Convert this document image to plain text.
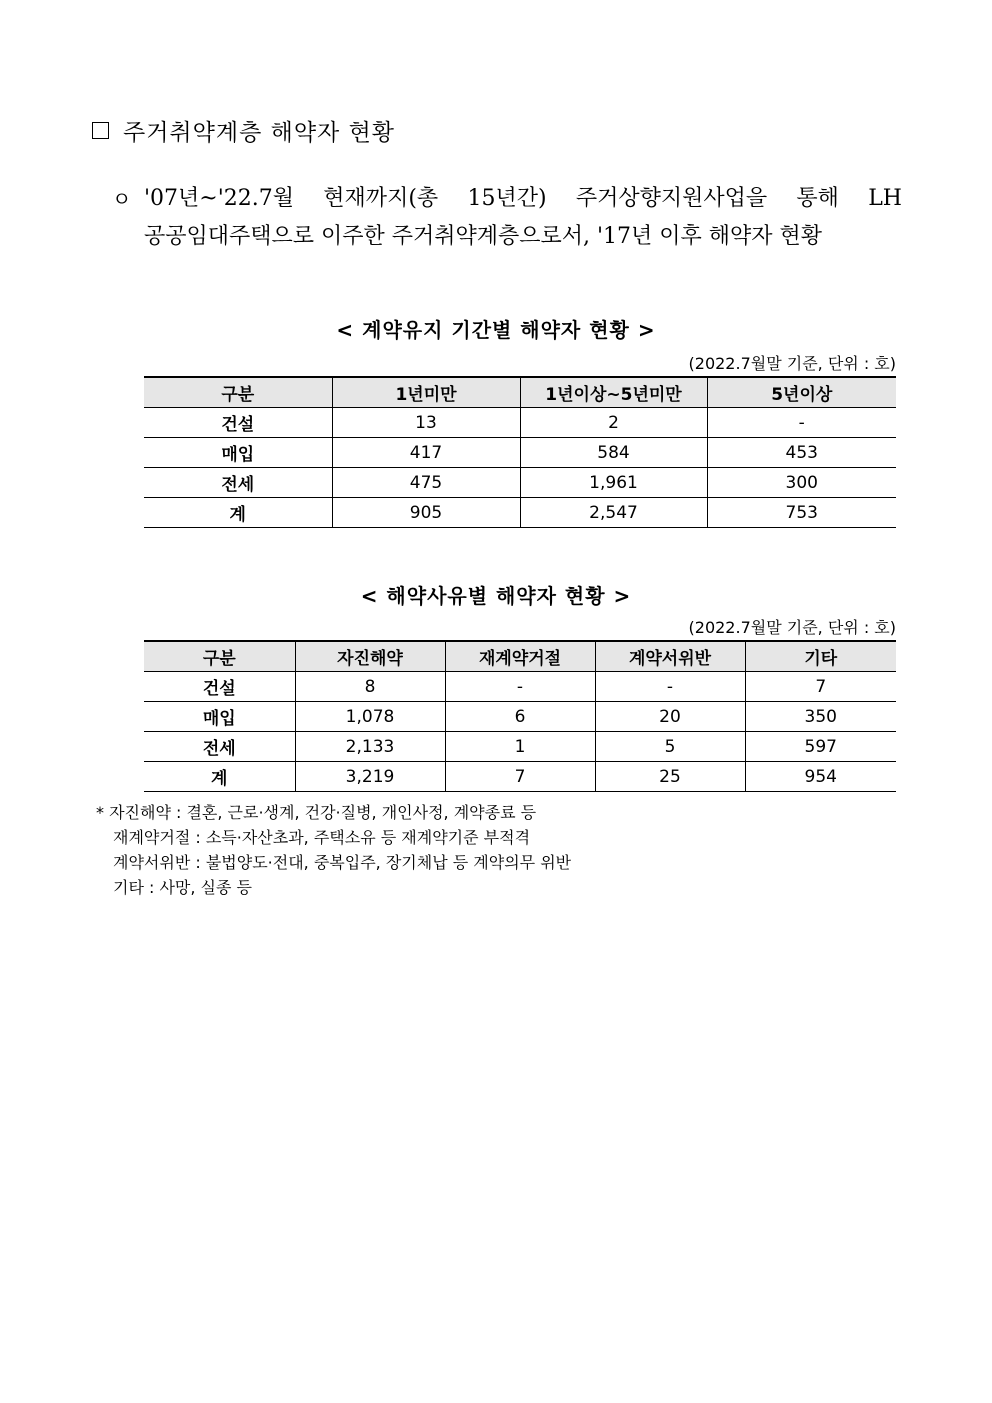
주거취약계층 해약자 현황
ㅇ '07년~'22.7월 현재까지(총 15년간) 주거상향지원사업을 통해 LH 공공임대주택으로 이주한 주거취약계층으로서, '17년 이후 해약자 현황
< 계약유지 기간별 해약자 현황 >
(2022.7월말 기준, 단위 : 호)
구분	1년미만	1년이상~5년미만	5년이상
건설	13	2	-
매입	417	584	453
전세	475	1,961	300
계	905	2,547	753
< 해약사유별 해약자 현황 >
(2022.7월말 기준, 단위 : 호)
구분	자진해약	재계약거절	계약서위반	기타
건설	8	-	-	7
매입	1,078	6	20	350
전세	2,133	1	5	597
계	3,219	7	25	954
* 자진해약 : 결혼, 근로·생계, 건강·질병, 개인사정, 계약종료 등
재계약거절 : 소득·자산초과, 주택소유 등 재계약기준 부적격
계약서위반 : 불법양도·전대, 중복입주, 장기체납 등 계약의무 위반
기타 : 사망, 실종 등
